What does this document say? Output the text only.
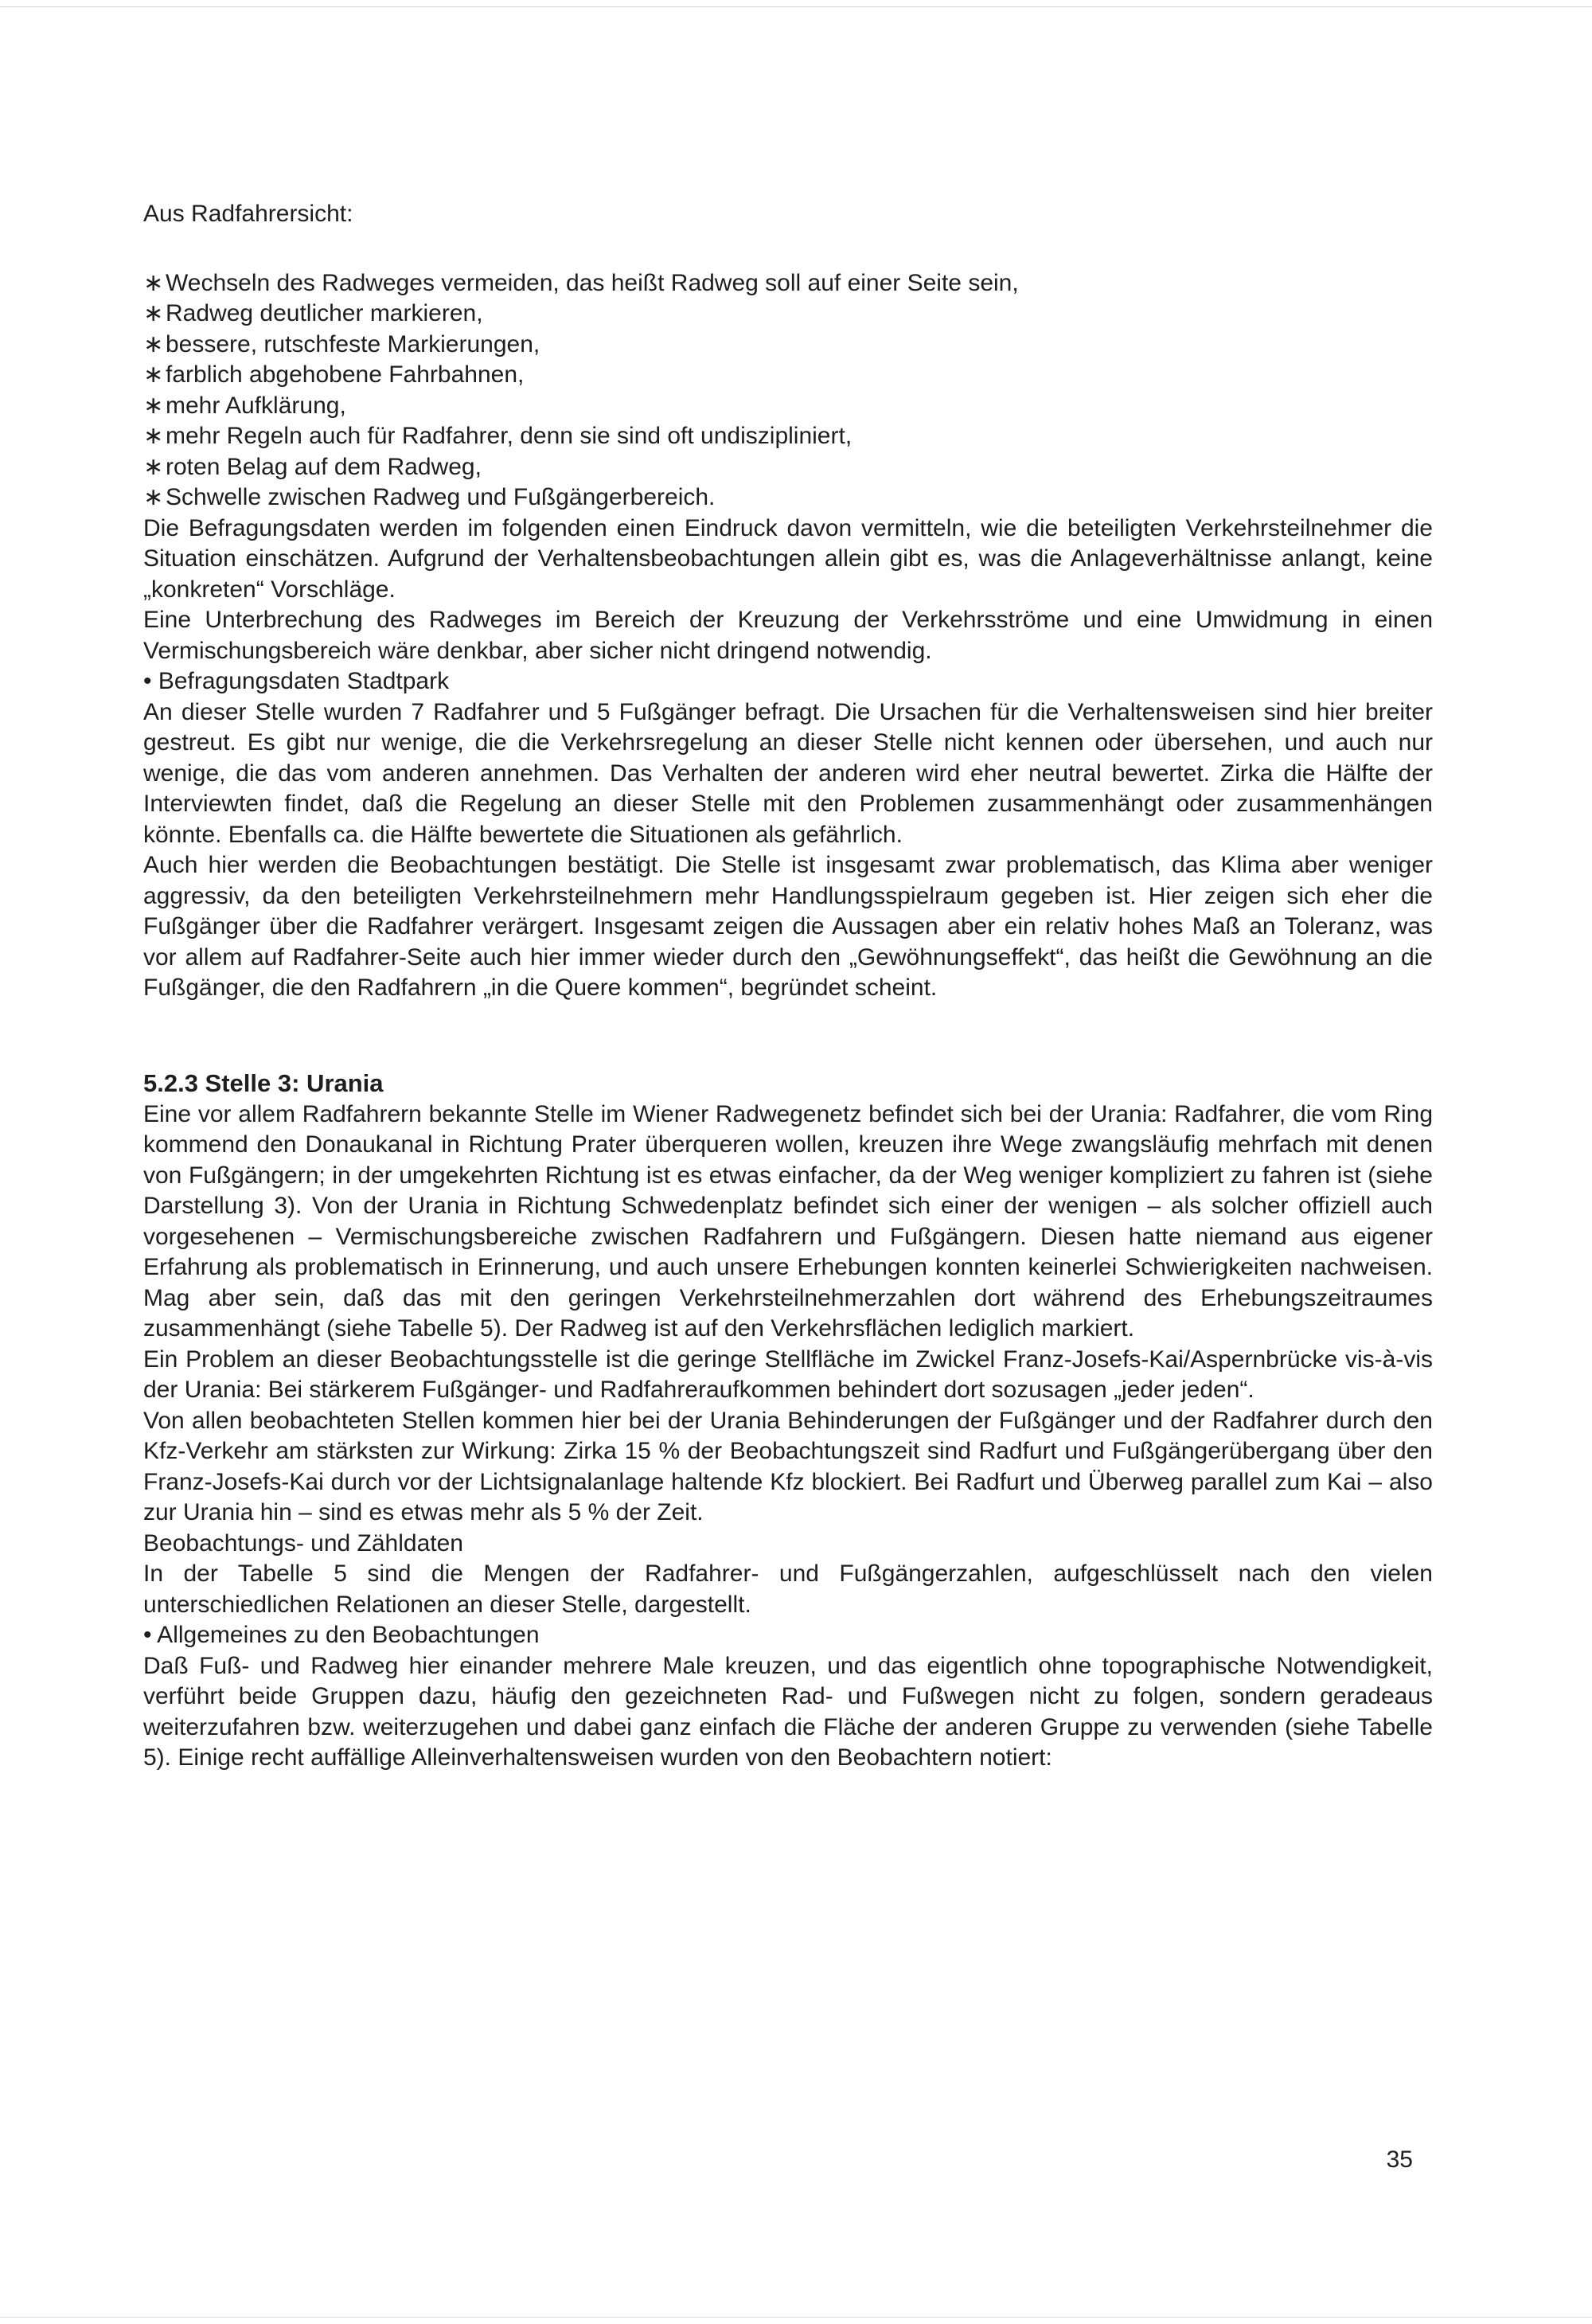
Aus Radfahrersicht:

∗Wechseln des Radweges vermeiden, das heißt Radweg soll auf einer Seite sein,
∗Radweg deutlicher markieren,
∗bessere, rutschfeste Markierungen,
∗farblich abgehobene Fahrbahnen,
∗mehr Aufklärung,
∗mehr Regeln auch für Radfahrer, denn sie sind oft undiszipliniert,
∗roten Belag auf dem Radweg,
∗Schwelle zwischen Radweg und Fußgängerbereich.

Die Befragungsdaten werden im folgenden einen Eindruck davon vermitteln, wie die beteiligten Verkehrsteilnehmer die Situation einschätzen. Aufgrund der Verhaltensbeobachtungen allein gibt es, was die Anlageverhältnisse anlangt, keine „konkreten“ Vorschläge.

Eine Unterbrechung des Radweges im Bereich der Kreuzung der Verkehrsströme und eine Umwidmung in einen Vermischungsbereich wäre denkbar, aber sicher nicht dringend notwendig.

• Befragungsdaten Stadtpark

An dieser Stelle wurden 7 Radfahrer und 5 Fußgänger befragt. Die Ursachen für die Verhaltensweisen sind hier breiter gestreut. Es gibt nur wenige, die die Verkehrsregelung an dieser Stelle nicht kennen oder übersehen, und auch nur wenige, die das vom anderen annehmen. Das Verhalten der anderen wird eher neutral bewertet. Zirka die Hälfte der Interviewten findet, daß die Regelung an dieser Stelle mit den Problemen zusammenhängt oder zusammenhängen könnte. Ebenfalls ca. die Hälfte bewertete die Situationen als gefährlich.

Auch hier werden die Beobachtungen bestätigt. Die Stelle ist insgesamt zwar problematisch, das Klima aber weniger aggressiv, da den beteiligten Verkehrsteilnehmern mehr Handlungsspielraum gegeben ist. Hier zeigen sich eher die Fußgänger über die Radfahrer verärgert. Insgesamt zeigen die Aussagen aber ein relativ hohes Maß an Toleranz, was vor allem auf Radfahrer-Seite auch hier immer wieder durch den „Gewöhnungseffekt“, das heißt die Gewöhnung an die Fußgänger, die den Radfahrern „in die Quere kommen“, begründet scheint.

5.2.3 Stelle 3: Urania

Eine vor allem Radfahrern bekannte Stelle im Wiener Radwegenetz befindet sich bei der Urania: Radfahrer, die vom Ring kommend den Donaukanal in Richtung Prater überqueren wollen, kreuzen ihre Wege zwangsläufig mehrfach mit denen von Fußgängern; in der umgekehrten Richtung ist es etwas einfacher, da der Weg weniger kompliziert zu fahren ist (siehe Darstellung 3). Von der Urania in Richtung Schwedenplatz befindet sich einer der wenigen – als solcher offiziell auch vorgesehenen – Vermischungsbereiche zwischen Radfahrern und Fußgängern. Diesen hatte niemand aus eigener Erfahrung als problematisch in Erinnerung, und auch unsere Erhebungen konnten keinerlei Schwierigkeiten nachweisen. Mag aber sein, daß das mit den geringen Verkehrsteilnehmerzahlen dort während des Erhebungszeitraumes zusammenhängt (siehe Tabelle 5). Der Radweg ist auf den Verkehrsflächen lediglich markiert.

Ein Problem an dieser Beobachtungsstelle ist die geringe Stellfläche im Zwickel Franz-Josefs-Kai/Aspernbrücke vis-à-vis der Urania: Bei stärkerem Fußgänger- und Radfahreraufkommen behindert dort sozusagen „jeder jeden“.

Von allen beobachteten Stellen kommen hier bei der Urania Behinderungen der Fußgänger und der Radfahrer durch den Kfz-Verkehr am stärksten zur Wirkung: Zirka 15 % der Beobachtungszeit sind Radfurt und Fußgängerübergang über den Franz-Josefs-Kai durch vor der Lichtsignalanlage haltende Kfz blockiert. Bei Radfurt und Überweg parallel zum Kai – also zur Urania hin – sind es etwas mehr als 5 % der Zeit.

Beobachtungs- und Zähldaten

In der Tabelle 5 sind die Mengen der Radfahrer- und Fußgängerzahlen, aufgeschlüsselt nach den vielen unterschiedlichen Relationen an dieser Stelle, dargestellt.

• Allgemeines zu den Beobachtungen

Daß Fuß- und Radweg hier einander mehrere Male kreuzen, und das eigentlich ohne topographische Notwendigkeit, verführt beide Gruppen dazu, häufig den gezeichneten Rad- und Fußwegen nicht zu folgen, sondern geradeaus weiterzufahren bzw. weiterzugehen und dabei ganz einfach die Fläche der anderen Gruppe zu verwenden (siehe Tabelle 5). Einige recht auffällige Alleinverhaltensweisen wurden von den Beobachtern notiert:

35
